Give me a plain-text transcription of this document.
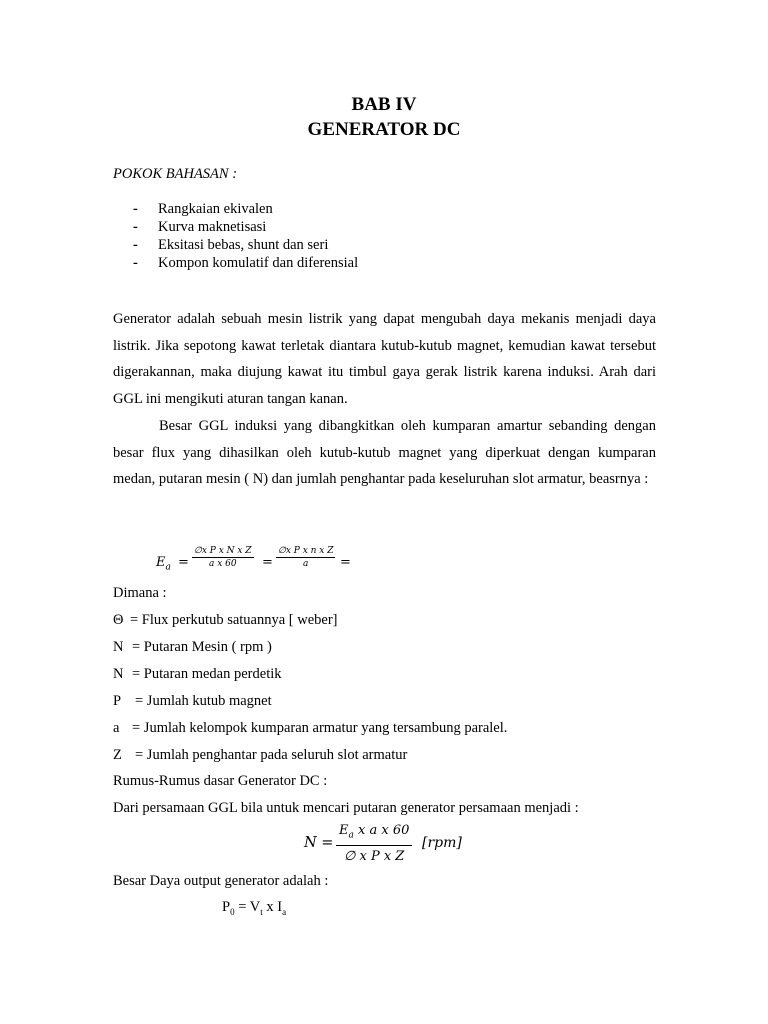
BAB IV
GENERATOR DC
POKOK BAHASAN :
- Rangkaian ekivalen
- Kurva maknetisasi
- Eksitasi bebas, shunt dan seri
- Kompon komulatif dan diferensial

Generator adalah sebuah mesin listrik yang dapat mengubah daya mekanis menjadi daya listrik. Jika sepotong kawat terletak diantara kutub-kutub magnet, kemudian kawat tersebut digerakannan, maka diujung kawat itu timbul gaya gerak listrik karena induksi. Arah dari GGL ini mengikuti aturan tangan kanan.

Besar GGL induksi yang dibangkitkan oleh kumparan amartur sebanding dengan besar flux yang dihasilkan oleh kutub-kutub magnet yang diperkuat dengan kumparan medan, putaran mesin ( N) dan jumlah penghantar pada keseluruhan slot armatur, beasrnya :

$E_a = \frac{\text{∅x P x N x Z}}{\text{a x 60}} = \frac{\text{∅x P x n x Z}}{a}$ =
Dimana :
Θ = Flux perkutub satuannya [ weber]
N = Putaran Mesin ( rpm )
N = Putaran medan perdetik
P = Jumlah kutub magnet
a = Jumlah kelompok kumparan armatur yang tersambung paralel.
Z = Jumlah penghantar pada seluruh slot armatur
Rumus-Rumus dasar Generator DC :
Dari persamaan GGL bila untuk mencari putaran generator persamaan menjadi :
$N = \frac{E_a x a x 60}{\text{∅ x P x Z}} [rpm]$
Besar Daya output generator adalah :
$P_0 = V_t$ x $I_a$
